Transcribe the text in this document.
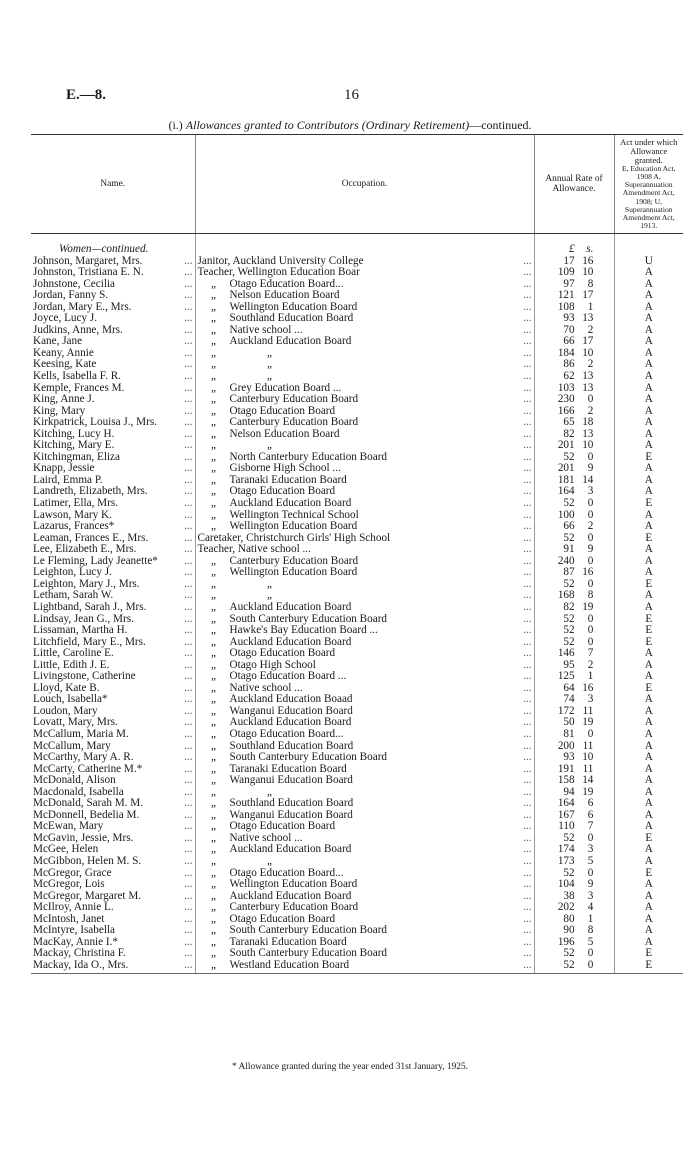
E.—8.	16
(i.) Allowances granted to Contributors (Ordinary Retirement)—continued.
Name.	Occupation.	Annual Rate of Allowance.	Act under which Allowance granted.
E, Education Act, 1908 A, Superannuation Amendment Act, 1908; U, Superannuation Amendment Act, 1913.

Women—continued.		£ s.	
Johnson, Margaret, Mrs. ...	Janitor, Auckland University College ...	17 16	U
Johnston, Tristiana E. N. ...	Teacher, Wellington Education Boar ...	109 10	A
Johnstone, Cecilia ...	„ Otago Education Board... ...	97 8	A
Jordan, Fanny S. ...	„ Nelson Education Board ...	121 17	A
Jordan, Mary E., Mrs. ...	„ Wellington Education Board ...	108 1	A
Joyce, Lucy J. ...	„ Southland Education Board ...	93 13	A
Judkins, Anne, Mrs. ...	„ Native school ... ...	70 2	A
Kane, Jane ...	„ Auckland Education Board ...	66 17	A
Keany, Annie ...	„ „ ...	184 10	A
Keesing, Kate ...	„ „ ...	86 2	A
Kells, Isabella F. R. ...	„ „ ...	62 13	A
Kemple, Frances M. ...	„ Grey Education Board ... ...	103 13	A
King, Anne J. ...	„ Canterbury Education Board ...	230 0	A
King, Mary ...	„ Otago Education Board ...	166 2	A
Kirkpatrick, Louisa J., Mrs. ...	„ Canterbury Education Board ...	65 18	A
Kitching, Lucy H. ...	„ Nelson Education Board ...	82 13	A
Kitching, Mary E. ...	„ „ ...	201 10	A
Kitchingman, Eliza ...	„ North Canterbury Education Board ...	52 0	E
Knapp, Jessie ...	„ Gisborne High School ... ...	201 9	A
Laird, Emma P. ...	„ Taranaki Education Board ...	181 14	A
Landreth, Elizabeth, Mrs. ...	„ Otago Education Board ...	164 3	A
Latimer, Ella, Mrs. ...	„ Auckland Education Board ...	52 0	E
Lawson, Mary K. ...	„ Wellington Technical School ...	100 0	A
Lazarus, Frances* ...	„ Wellington Education Board ...	66 2	A
Leaman, Frances E., Mrs. ...	Caretaker, Christchurch Girls' High School ...	52 0	E
Lee, Elizabeth E., Mrs. ...	Teacher, Native school ... ...	91 9	A
Le Fleming, Lady Jeanette* ...	„ Canterbury Education Board ...	240 0	A
Leighton, Lucy J. ...	„ Wellington Education Board ...	87 16	A
Leighton, Mary J., Mrs. ...	„ „ ...	52 0	E
Letham, Sarah W. ...	„ „ ...	168 8	A
Lightband, Sarah J., Mrs. ...	„ Auckland Education Board ...	82 19	A
Lindsay, Jean G., Mrs. ...	„ South Canterbury Education Board ...	52 0	E
Lissaman, Martha H. ...	„ Hawke's Bay Education Board ... ...	52 0	E
Litchfield, Mary E., Mrs. ...	„ Auckland Education Board ...	52 0	E
Little, Caroline E. ...	„ Otago Education Board ...	146 7	A
Little, Edith J. E. ...	„ Otago High School ...	95 2	A
Livingstone, Catherine ...	„ Otago Education Board ... ...	125 1	A
Lloyd, Kate B. ...	„ Native school ... ...	64 16	E
Louch, Isabella* ...	„ Auckland Education Boaad ...	74 3	A
Loudon, Mary ...	„ Wanganui Education Board ...	172 11	A
Lovatt, Mary, Mrs. ...	„ Auckland Education Board ...	50 19	A
McCallum, Maria M. ...	„ Otago Education Board... ...	81 0	A
McCallum, Mary ...	„ Southland Education Board ...	200 11	A
McCarthy, Mary A. R. ...	„ South Canterbury Education Board ...	93 10	A
McCarty, Catherine M.* ...	„ Taranaki Education Board ...	191 11	A
McDonald, Alison ...	„ Wanganui Education Board ...	158 14	A
Macdonald, Isabella ...	„ „ ...	94 19	A
McDonald, Sarah M. M. ...	„ Southland Education Board ...	164 6	A
McDonnell, Bedelia M. ...	„ Wanganui Education Board ...	167 6	A
McEwan, Mary ...	„ Otago Education Board ...	110 7	A
McGavin, Jessie, Mrs. ...	„ Native school ... ...	52 0	E
McGee, Helen ...	„ Auckland Education Board ...	174 3	A
McGibbon, Helen M. S. ...	„ „ ...	173 5	A
McGregor, Grace ...	„ Otago Education Board... ...	52 0	E
McGregor, Lois ...	„ Wellington Education Board ...	104 9	A
McGregor, Margaret M. ...	„ Auckland Education Board ...	38 3	A
McIlroy, Annie L. ...	„ Canterbury Education Board ...	202 4	A
McIntosh, Janet ...	„ Otago Education Board ...	80 1	A
McIntyre, Isabella ...	„ South Canterbury Education Board ...	90 8	A
MacKay, Annie I.* ...	„ Taranaki Education Board ...	196 5	A
Mackay, Christina F. ...	„ South Canterbury Education Board ...	52 0	E
Mackay, Ida O., Mrs. ...	„ Westland Education Board ...	52 0	E
* Allowance granted during the year ended 31st January, 1925.
